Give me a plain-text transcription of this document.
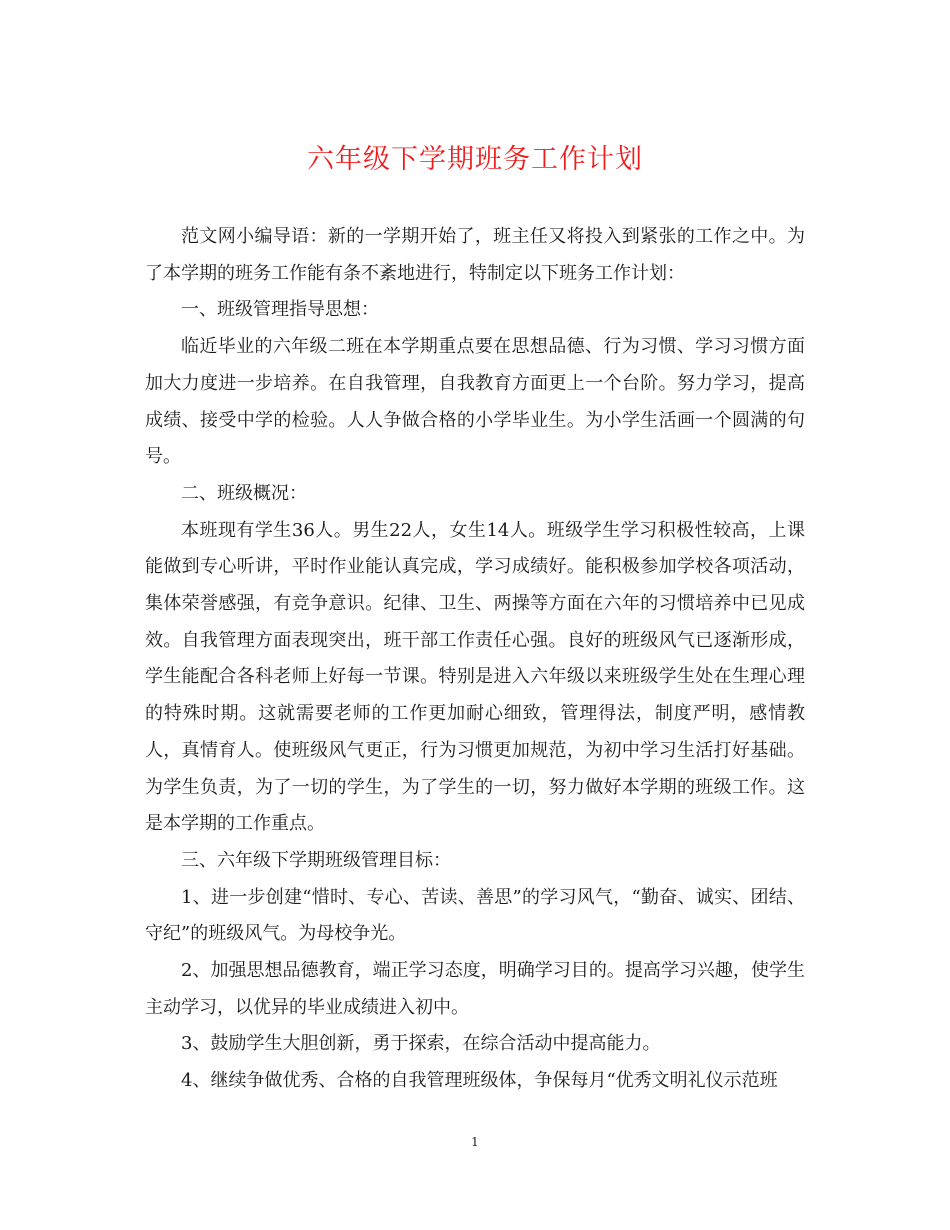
六年级下学期班务工作计划

范文网小编导语：新的一学期开始了，班主任又将投入到紧张的工作之中。为了本学期的班务工作能有条不紊地进行，特制定以下班务工作计划：

一、班级管理指导思想：

临近毕业的六年级二班在本学期重点要在思想品德、行为习惯、学习习惯方面加大力度进一步培养。在自我管理，自我教育方面更上一个台阶。努力学习，提高成绩、接受中学的检验。人人争做合格的小学毕业生。为小学生活画一个圆满的句号。

二、班级概况：

本班现有学生36人。男生22人，女生14人。班级学生学习积极性较高，上课能做到专心听讲，平时作业能认真完成，学习成绩好。能积极参加学校各项活动，集体荣誉感强，有竞争意识。纪律、卫生、两操等方面在六年的习惯培养中已见成效。自我管理方面表现突出，班干部工作责任心强。良好的班级风气已逐渐形成，学生能配合各科老师上好每一节课。特别是进入六年级以来班级学生处在生理心理的特殊时期。这就需要老师的工作更加耐心细致，管理得法，制度严明，感情教人，真情育人。使班级风气更正，行为习惯更加规范，为初中学习生活打好基础。为学生负责，为了一切的学生，为了学生的一切，努力做好本学期的班级工作。这是本学期的工作重点。

三、六年级下学期班级管理目标：

1、进一步创建“惜时、专心、苦读、善思”的学习风气，“勤奋、诚实、团结、守纪”的班级风气。为母校争光。

2、加强思想品德教育，端正学习态度，明确学习目的。提高学习兴趣，使学生主动学习，以优异的毕业成绩进入初中。

3、鼓励学生大胆创新，勇于探索，在综合活动中提高能力。

4、继续争做优秀、合格的自我管理班级体，争保每月“优秀文明礼仪示范班

1
